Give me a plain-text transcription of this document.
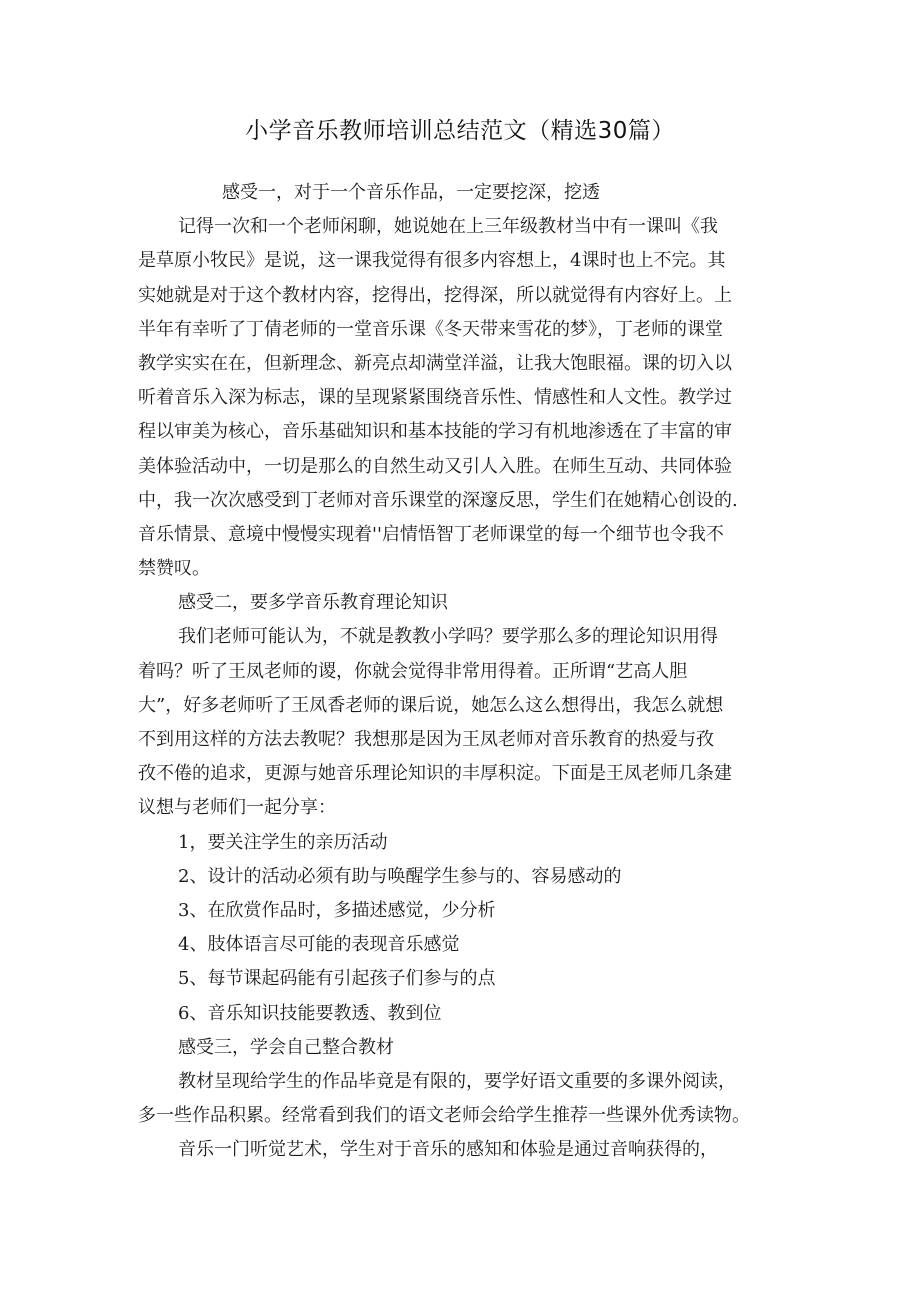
小学音乐教师培训总结范文（精选30篇）
感受一，对于一个音乐作品，一定要挖深，挖透
记得一次和一个老师闲聊，她说她在上三年级教材当中有一课叫《我
是草原小牧民》是说，这一课我觉得有很多内容想上，4课时也上不完。其
实她就是对于这个教材内容，挖得出，挖得深，所以就觉得有内容好上。上
半年有幸听了丁倩老师的一堂音乐课《冬天带来雪花的梦》，丁老师的课堂
教学实实在在，但新理念、新亮点却满堂洋溢，让我大饱眼福。课的切入以
听着音乐入深为标志，课的呈现紧紧围绕音乐性、情感性和人文性。教学过
程以审美为核心，音乐基础知识和基本技能的学习有机地渗透在了丰富的审
美体验活动中，一切是那么的自然生动又引人入胜。在师生互动、共同体验
中，我一次次感受到丁老师对音乐课堂的深邃反思，学生们在她精心创设的.
音乐情景、意境中慢慢实现着''启情悟智丁老师课堂的每一个细节也令我不
禁赞叹。
感受二，要多学音乐教育理论知识
我们老师可能认为，不就是教教小学吗？要学那么多的理论知识用得
着吗？听了王凤老师的谡，你就会觉得非常用得着。正所谓“艺高人胆
大”，好多老师听了王凤香老师的课后说，她怎么这么想得出，我怎么就想
不到用这样的方法去教呢？我想那是因为王凤老师对音乐教育的热爱与孜
孜不倦的追求，更源与她音乐理论知识的丰厚积淀。下面是王凤老师几条建
议想与老师们一起分享：
1，要关注学生的亲历活动
2、设计的活动必须有助与唤醒学生参与的、容易感动的
3、在欣赏作品时，多描述感觉，少分析
4、肢体语言尽可能的表现音乐感觉
5、每节课起码能有引起孩子们参与的点
6、音乐知识技能要教透、教到位
感受三，学会自己整合教材
教材呈现给学生的作品毕竟是有限的，要学好语文重要的多课外阅读，
多一些作品积累。经常看到我们的语文老师会给学生推荐一些课外优秀读物。
音乐一门听觉艺术，学生对于音乐的感知和体验是通过音响获得的，
